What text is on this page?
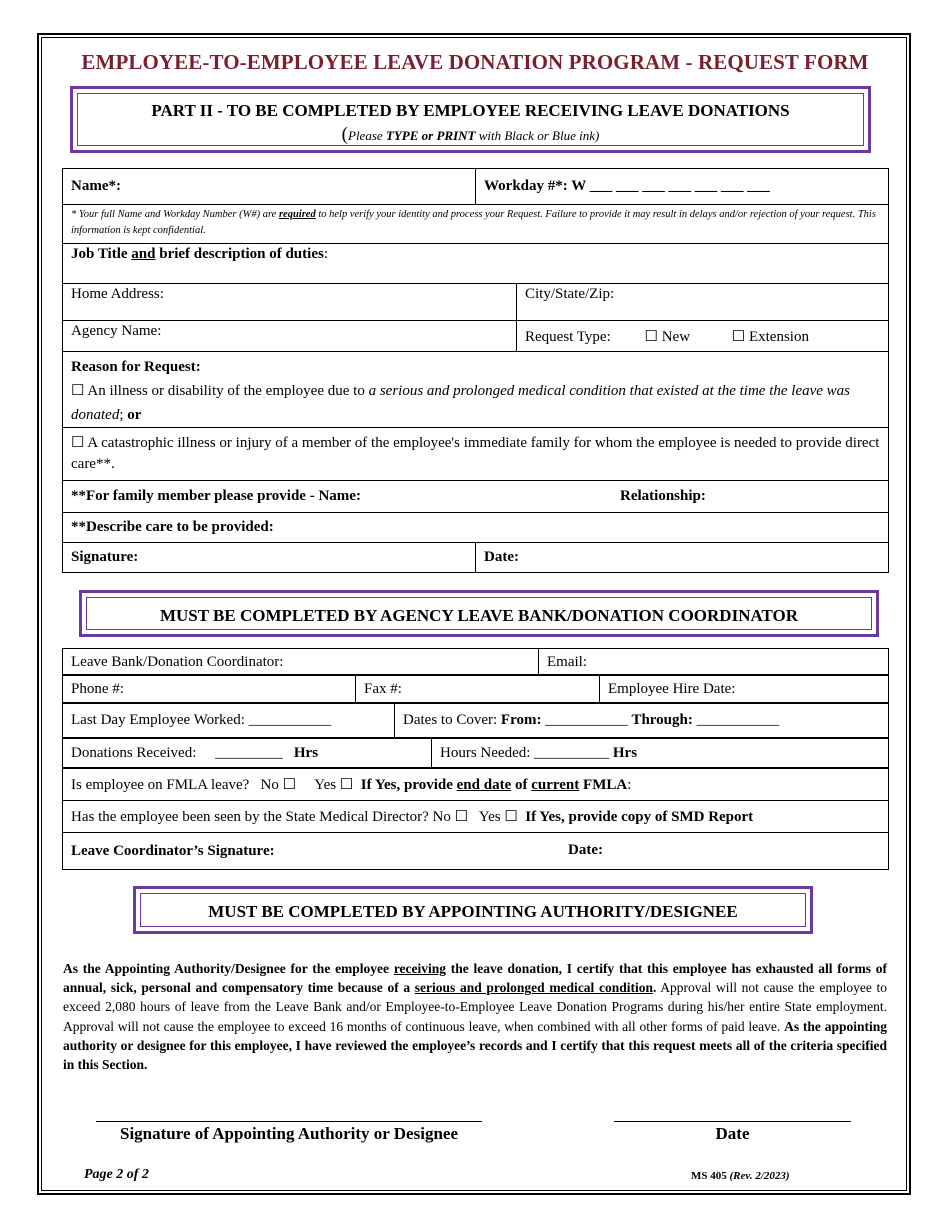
EMPLOYEE-TO-EMPLOYEE LEAVE DONATION PROGRAM - REQUEST FORM
PART II - TO BE COMPLETED BY EMPLOYEE RECEIVING LEAVE DONATIONS
(Please TYPE or PRINT with Black or Blue ink)
Name*:	Workday #*: W ___ ___ ___ ___ ___ ___ ___	
* Your full Name and Workday Number (W#) are required to help verify your identity and process your Request. Failure to provide it may result in delays and/or rejection of your request. This information is kept confidential.		
Job Title and brief description of duties:		
Home Address:		City/State/Zip:
Agency Name:		Request Type: ☐ New ☐ Extension

Reason for Request:
☐ An illness or disability of the employee due to a serious and prolonged medical condition that existed at the time the leave was donated; or		

☐ A catastrophic illness or injury of a member of the employee's immediate family for whom the employee is needed to provide direct care**.		
**For family member please provide - Name: Relationship:		

**Describe care to be provided:		
Signature:	Date:	
MUST BE COMPLETED BY AGENCY LEAVE BANK/DONATION COORDINATOR
Leave Bank/Donation Coordinator:	Email:
Phone #:	Fax #:	Employee Hire Date:
Last Day Employee Worked: ___________	Dates to Cover: From: ___________ Through: ___________
Donations Received:     _________   Hrs	Hours Needed: __________ Hrs
Is employee on FMLA leave?   No ☐     Yes ☐  If Yes, provide end date of current FMLA:
Has the employee been seen by the State Medical Director? No ☐   Yes ☐  If Yes, provide copy of SMD Report
Leave Coordinator’s Signature:	Date:
MUST BE COMPLETED BY APPOINTING AUTHORITY/DESIGNEE
As the Appointing Authority/Designee for the employee receiving the leave donation, I certify that this employee has exhausted all forms of annual, sick, personal and compensatory time because of a serious and prolonged medical condition. Approval will not cause the employee to exceed 2,080 hours of leave from the Leave Bank and/or Employee-to-Employee Leave Donation Programs during his/her entire State employment. Approval will not cause the employee to exceed 16 months of continuous leave, when combined with all other forms of paid leave. As the appointing authority or designee for this employee, I have reviewed the employee’s records and I certify that this request meets all of the criteria specified in this Section.
Signature of Appointing Authority or Designee	Date
Page 2 of 2	MS 405 (Rev. 2/2023)
